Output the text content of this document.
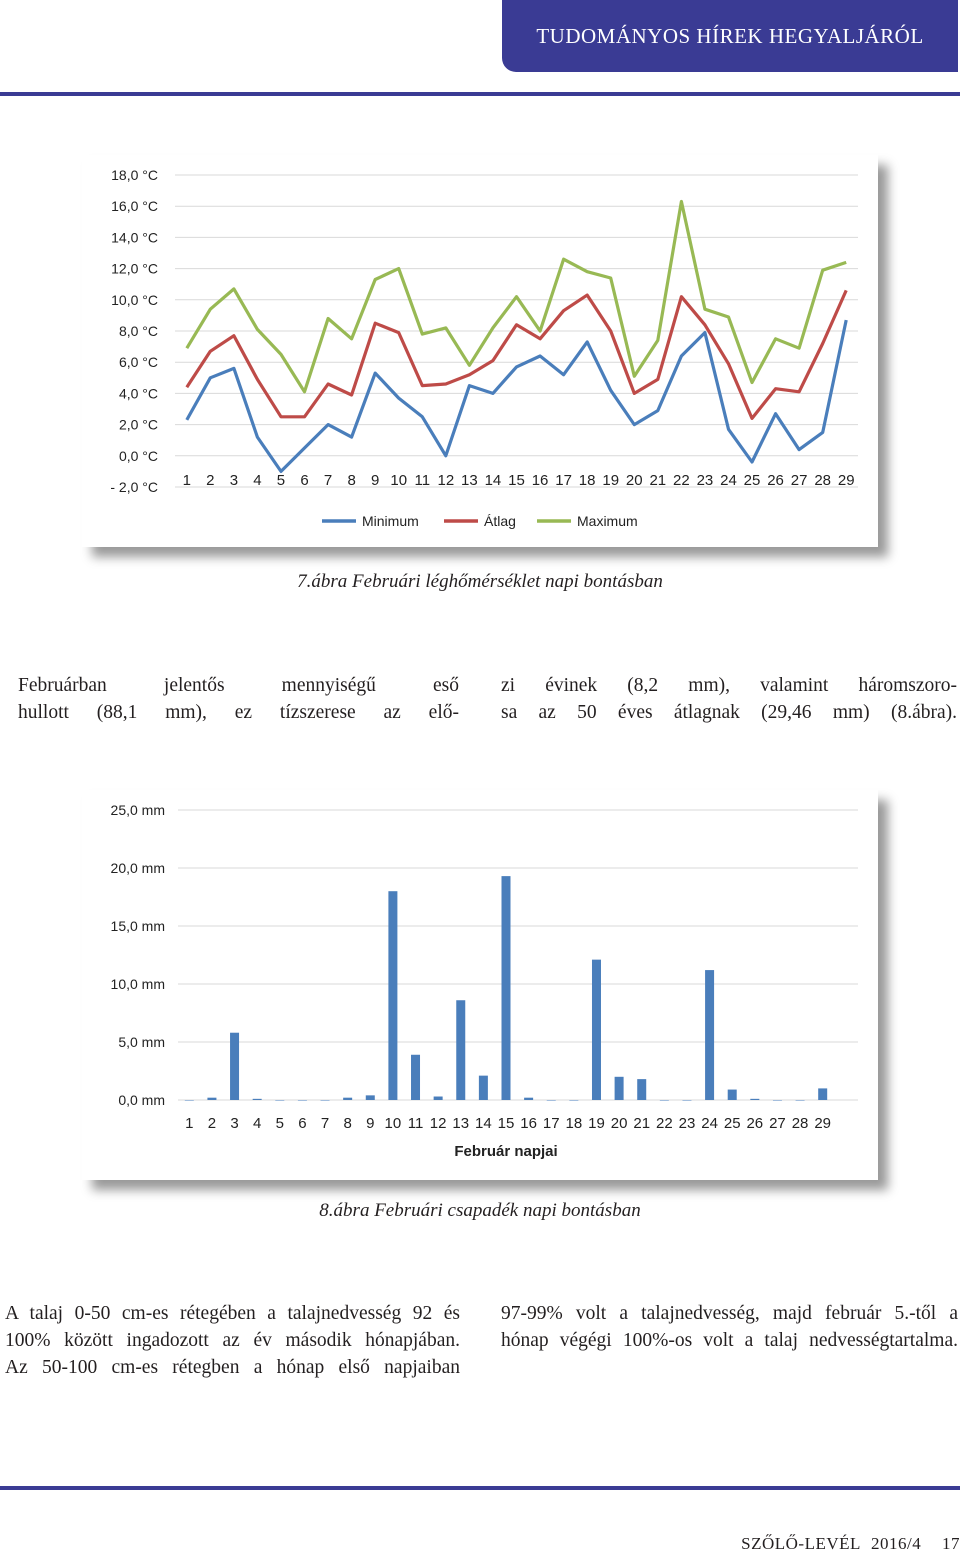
TUDOMÁNYOS HÍREK HEGYALJÁRÓL
18,0 °C
16,0 °C
14,0 °C
12,0 °C
10,0 °C
8,0 °C
6,0 °C
4,0 °C
2,0 °C
0,0 °C
- 2,0 °C 1 2 3 4 5 6 7 8 9 10 11 12 13 14 15 16 17 18 19 20 21 22 23 24 25 26 27 28 29
Minimum	Átlag	Maximum
7.ábra Februári léghőmérséklet napi bontásban
Februárban jelentős mennyiségű eső
hullott (88,1 mm), ez tízszerese az elő-
zi évinek (8,2 mm), valamint háromszoro-
sa az 50 éves átlagnak (29,46 mm) (8.ábra).
25,0 mm
20,0 mm
15,0 mm
10,0 mm
5,0 mm
0,0 mm
1 2 3 4 5 6 7 8 9 10 11 12 13 14 15 16 17 18 19 20 21 22 23 24 25 26 27 28 29
Február napjai
8.ábra Februári csapadék napi bontásban
A talaj 0-50 cm-es rétegében a talajnedvesség 92 és
100% között ingadozott az év második hónapjában.
Az 50-100 cm-es rétegben a hónap első napjaiban
97-99% volt a talajnedvesség, majd február 5.-től a
hónap végégi 100%-os volt a talaj nedvességtartalma.
SZŐLŐ-LEVÉL 2016/4 17
